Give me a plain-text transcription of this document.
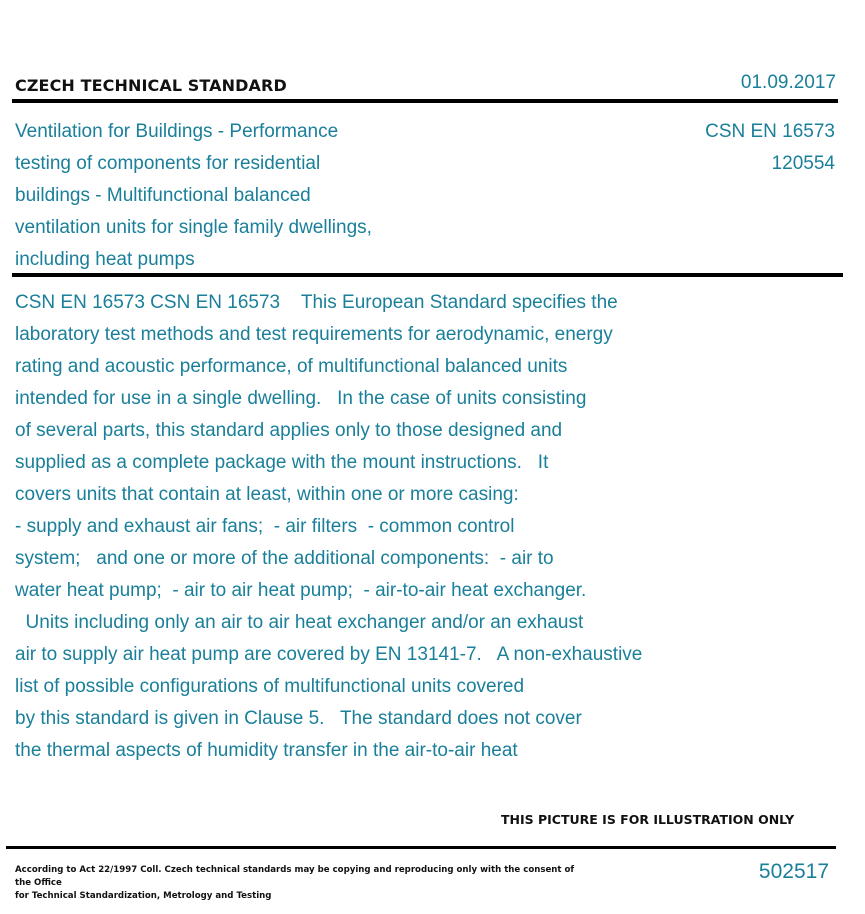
CZECH TECHNICAL STANDARD	01.09.2017
Ventilation for Buildings - Performance
testing of components for residential
buildings - Multifunctional balanced
ventilation units for single family dwellings,
including heat pumps
CSN EN 16573
120554
CSN EN 16573 CSN EN 16573    This European Standard specifies the
laboratory test methods and test requirements for aerodynamic, energy
rating and acoustic performance, of multifunctional balanced units
intended for use in a single dwelling.   In the case of units consisting
of several parts, this standard applies only to those designed and
supplied as a complete package with the mount instructions.   It
covers units that contain at least, within one or more casing:
- supply and exhaust air fans;  - air filters  - common control
system;   and one or more of the additional components:  - air to
water heat pump;  - air to air heat pump;  - air-to-air heat exchanger.
Units including only an air to air heat exchanger and/or an exhaust
air to supply air heat pump are covered by EN 13141-7.   A non-exhaustive
list of possible configurations of multifunctional units covered
by this standard is given in Clause 5.   The standard does not cover
the thermal aspects of humidity transfer in the air-to-air heat
THIS PICTURE IS FOR ILLUSTRATION ONLY
According to Act 22/1997 Coll. Czech technical standards may be copying and reproducing only with the consent of the Office
for Technical Standardization, Metrology and Testing
502517
